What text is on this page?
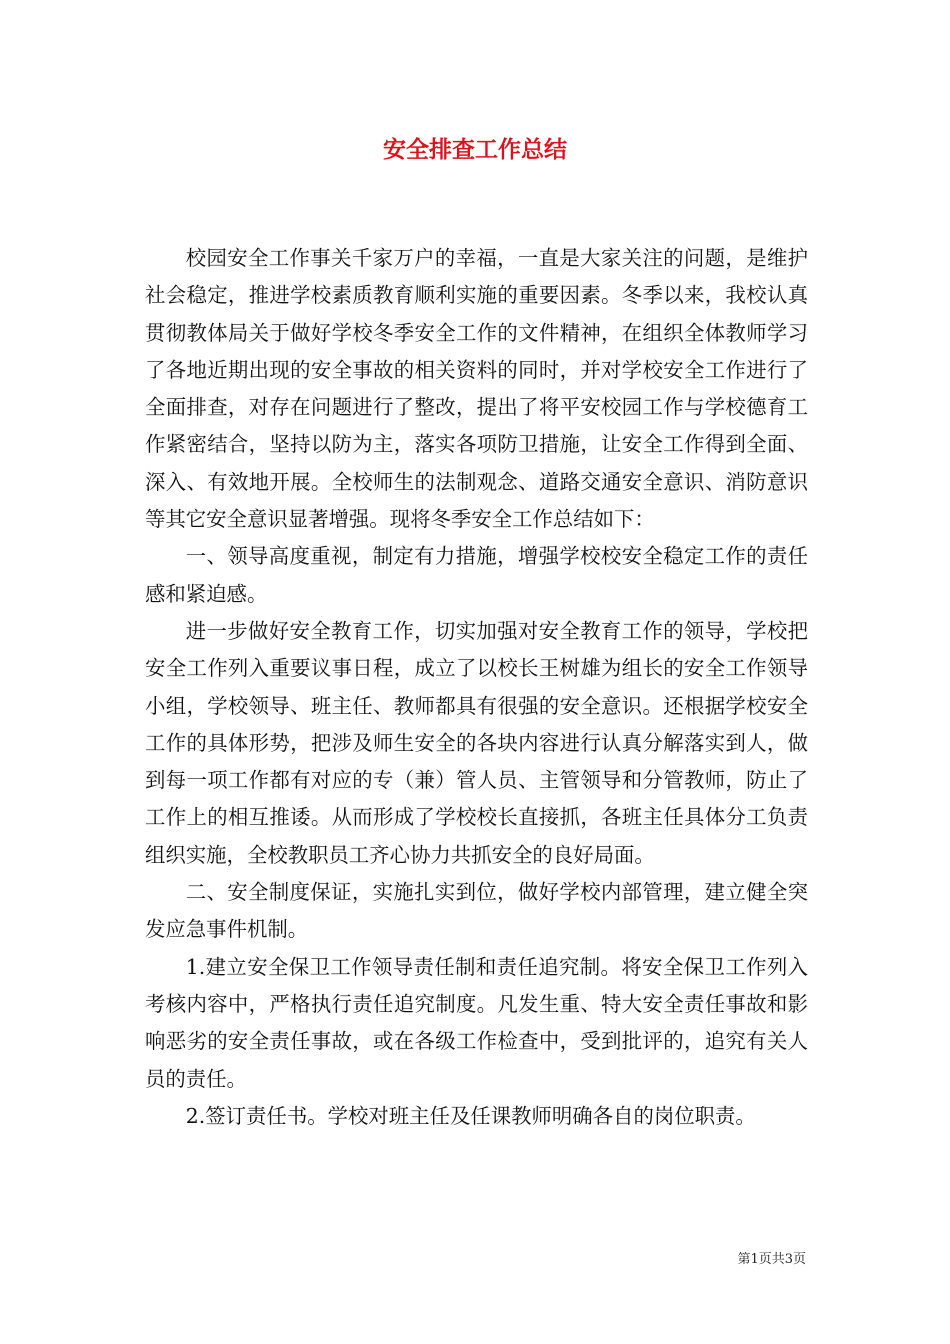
安全排查工作总结

校园安全工作事关千家万户的幸福，一直是大家关注的问题，是维护社会稳定，推进学校素质教育顺利实施的重要因素。冬季以来，我校认真贯彻教体局关于做好学校冬季安全工作的文件精神，在组织全体教师学习了各地近期出现的安全事故的相关资料的同时，并对学校安全工作进行了全面排查，对存在问题进行了整改，提出了将平安校园工作与学校德育工作紧密结合，坚持以防为主，落实各项防卫措施，让安全工作得到全面、深入、有效地开展。全校师生的法制观念、道路交通安全意识、消防意识等其它安全意识显著增强。现将冬季安全工作总结如下：

一、领导高度重视，制定有力措施，增强学校校安全稳定工作的责任感和紧迫感。

进一步做好安全教育工作，切实加强对安全教育工作的领导，学校把安全工作列入重要议事日程，成立了以校长王树雄为组长的安全工作领导小组，学校领导、班主任、教师都具有很强的安全意识。还根据学校安全工作的具体形势，把涉及师生安全的各块内容进行认真分解落实到人，做到每一项工作都有对应的专（兼）管人员、主管领导和分管教师，防止了工作上的相互推诿。从而形成了学校校长直接抓，各班主任具体分工负责组织实施，全校教职员工齐心协力共抓安全的良好局面。

二、安全制度保证，实施扎实到位，做好学校内部管理，建立健全突发应急事件机制。

1.建立安全保卫工作领导责任制和责任追究制。将安全保卫工作列入考核内容中，严格执行责任追究制度。凡发生重、特大安全责任事故和影响恶劣的安全责任事故，或在各级工作检查中，受到批评的，追究有关人员的责任。

2.签订责任书。学校对班主任及任课教师明确各自的岗位职责。

第1页共3页
